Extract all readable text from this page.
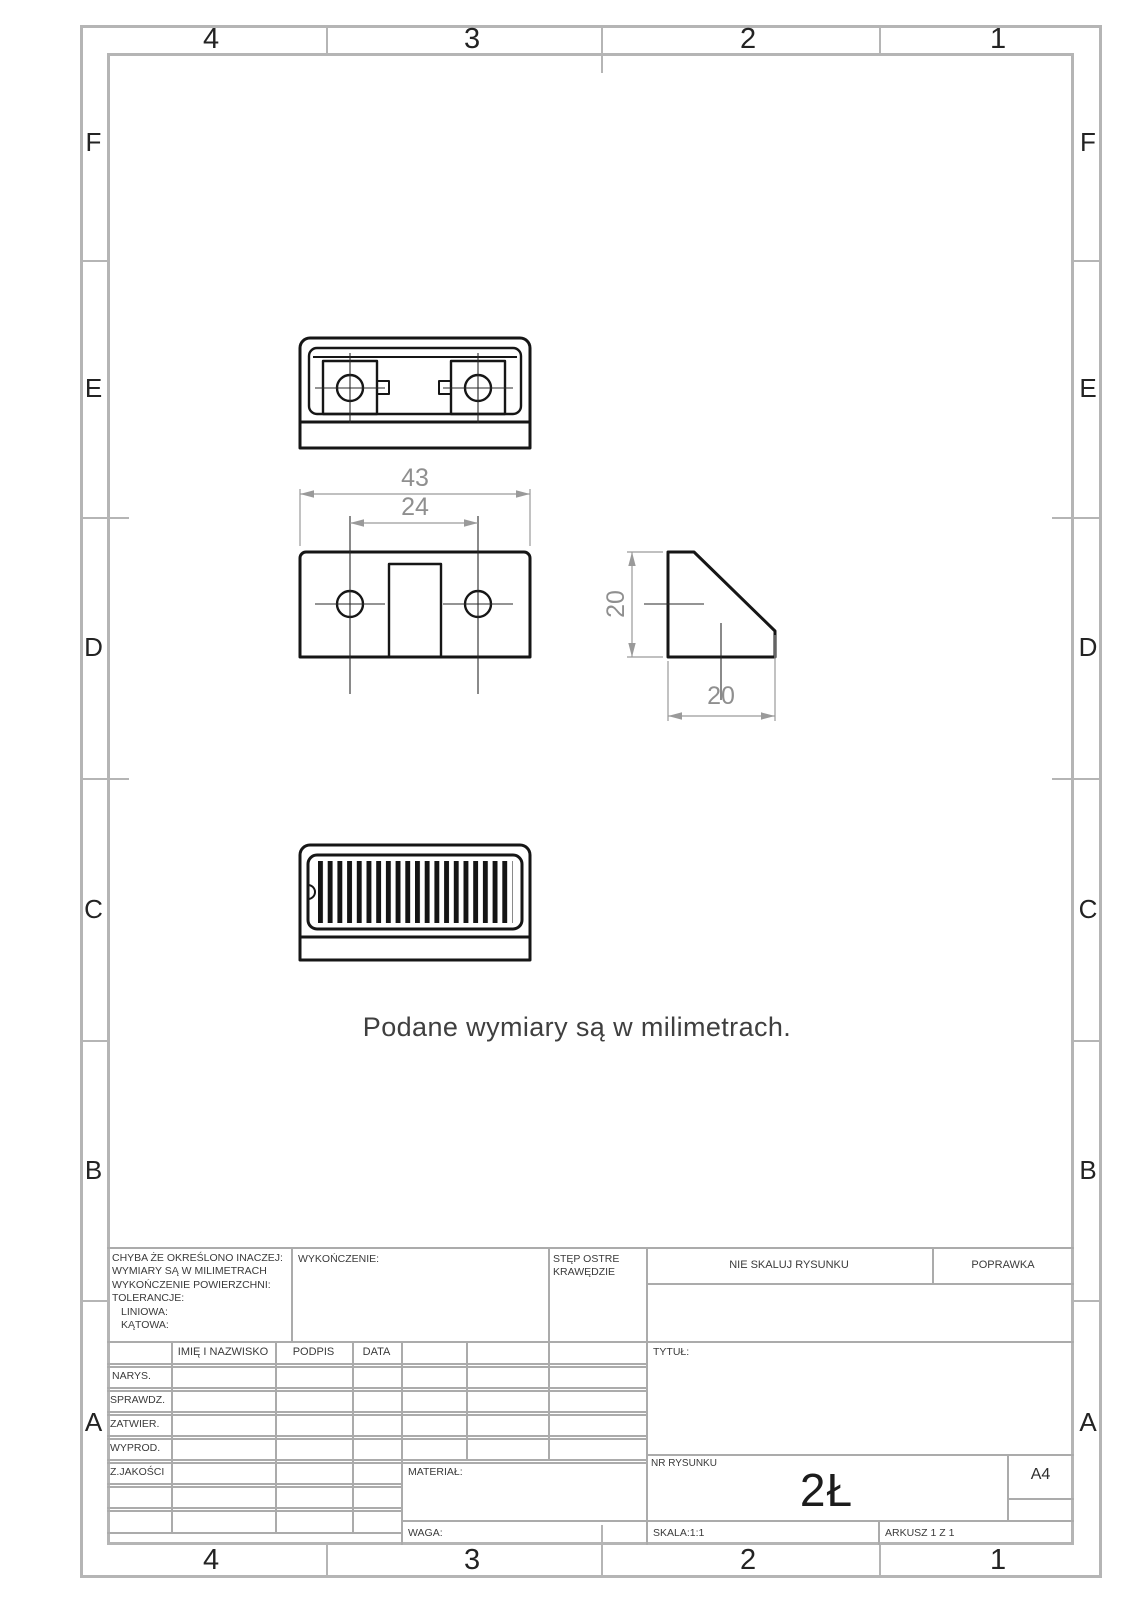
43
24
20
20
Podane wymiary są w milimetrach.
4	3	2	1
4	3	2	1
F
E
D
C
B
A
F
E
D
C
B
A
CHYBA ŻE OKREŚLONO INACZEJ:
WYMIARY SĄ W MILIMETRACH
WYKOŃCZENIE POWIERZCHNI:
TOLERANCJE:
LINIOWA:
KĄTOWA:
WYKOŃCZENIE:	STĘP OSTRE
KRAWĘDZIE
NIE SKALUJ RYSUNKU	POPRAWKA
IMIĘ I NAZWISKO	PODPIS	DATA
NARYS.
SPRAWDZ.
ZATWIER.
WYPROD.
Z.JAKOŚCI	MATERIAŁ:
WAGA:
TYTUŁ:
NR RYSUNKU
2Ł	A4
SKALA:1:1	ARKUSZ 1 Z 1
